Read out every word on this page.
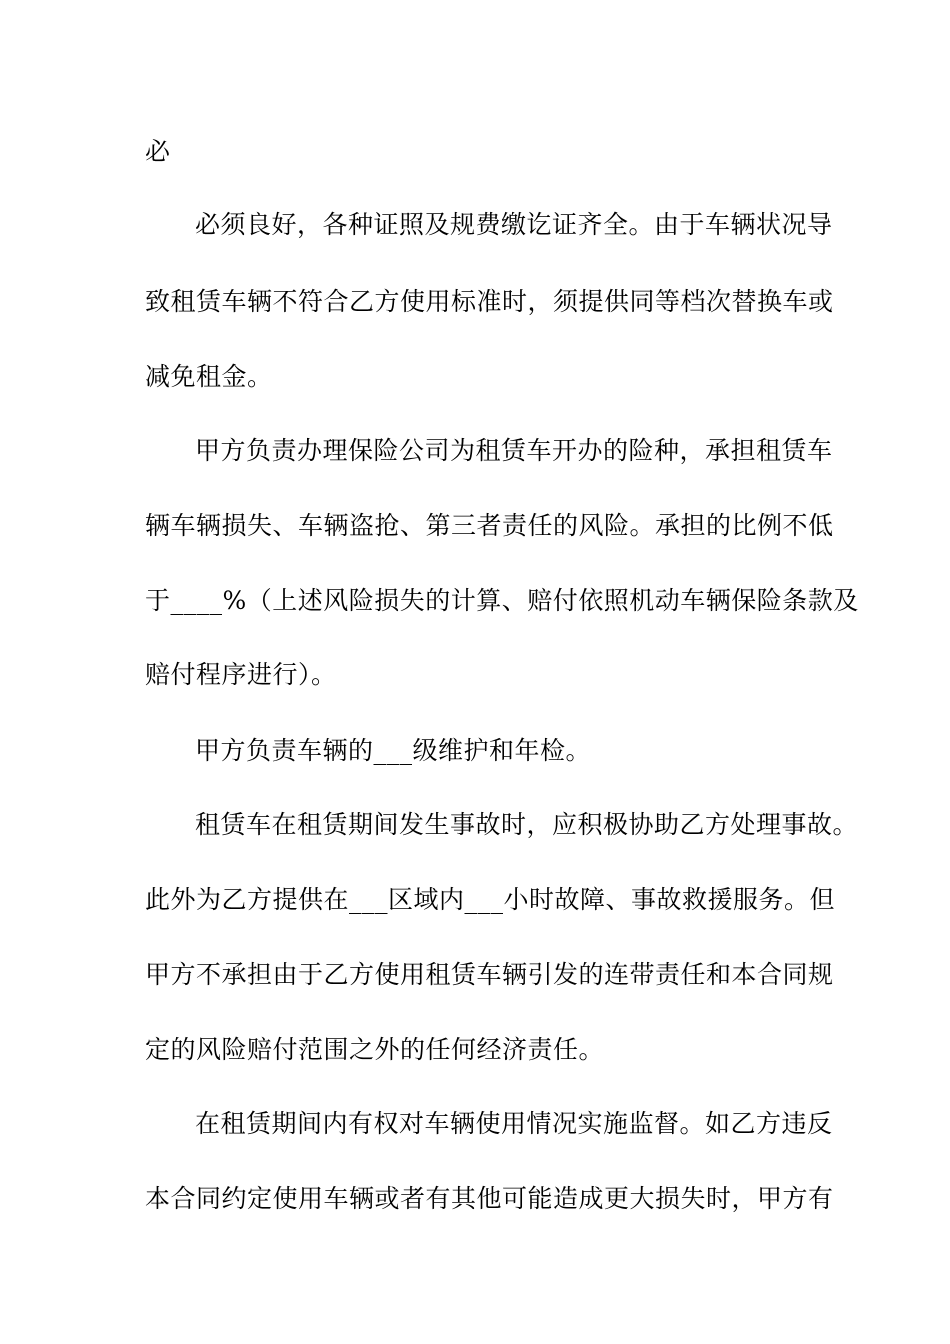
必
必须良好，各种证照及规费缴讫证齐全。由于车辆状况导
致租赁车辆不符合乙方使用标准时，须提供同等档次替换车或
减免租金。
甲方负责办理保险公司为租赁车开办的险种，承担租赁车
辆车辆损失、车辆盗抢、第三者责任的风险。承担的比例不低
于____%（上述风险损失的计算、赔付依照机动车辆保险条款及
赔付程序进行）。
甲方负责车辆的___级维护和年检。
租赁车在租赁期间发生事故时，应积极协助乙方处理事故。
此外为乙方提供在___区域内___小时故障、事故救援服务。但
甲方不承担由于乙方使用租赁车辆引发的连带责任和本合同规
定的风险赔付范围之外的任何经济责任。
在租赁期间内有权对车辆使用情况实施监督。如乙方违反
本合同约定使用车辆或者有其他可能造成更大损失时，甲方有
